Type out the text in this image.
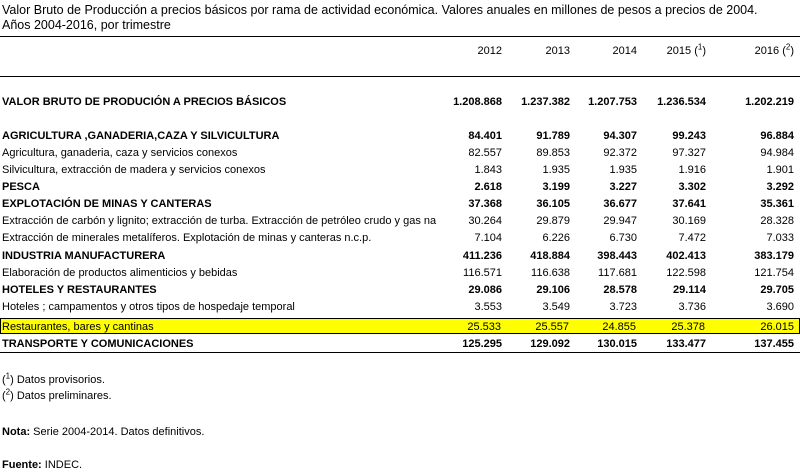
Valor Bruto de Producción a precios básicos por rama de actividad económica. Valores anuales en millones de pesos a precios de 2004.
Años 2004-2016, por trimestre
2012	2013	2014	2015 ($^1$)	2016 ($^2$)
VALOR BRUTO DE PRODUCIÓN A PRECIOS BÁSICOS	1.208.868	1.237.382	1.207.753	1.236.534	1.202.219
AGRICULTURA ,GANADERIA,CAZA Y SILVICULTURA	84.401	91.789	94.307	99.243	96.884
Agricultura, ganaderia, caza y servicios conexos	82.557	89.853	92.372	97.327	94.984
Silvicultura, extracción de madera y servicios conexos	1.843	1.935	1.935	1.916	1.901
PESCA	2.618	3.199	3.227	3.302	3.292
EXPLOTACIÓN DE MINAS Y CANTERAS	37.368	36.105	36.677	37.641	35.361
Extracción de carbón y lignito; extracción de turba. Extracción de petróleo crudo y gas na	30.264	29.879	29.947	30.169	28.328
Extracción de minerales metalíferos. Explotación de minas y canteras n.c.p.	7.104	6.226	6.730	7.472	7.033
INDUSTRIA MANUFACTURERA	411.236	418.884	398.443	402.413	383.179
Elaboración de productos alimenticios y bebidas	116.571	116.638	117.681	122.598	121.754
HOTELES Y RESTAURANTES	29.086	29.106	28.578	29.114	29.705
Hoteles ; campamentos y otros tipos de hospedaje temporal	3.553	3.549	3.723	3.736	3.690
Restaurantes, bares y cantinas	25.533	25.557	24.855	25.378	26.015
TRANSPORTE Y COMUNICACIONES	125.295	129.092	130.015	133.477	137.455
($^1$) Datos provisorios.
($^2$) Datos preliminares.
Nota: Serie 2004-2014. Datos definitivos.
Fuente: INDEC.
